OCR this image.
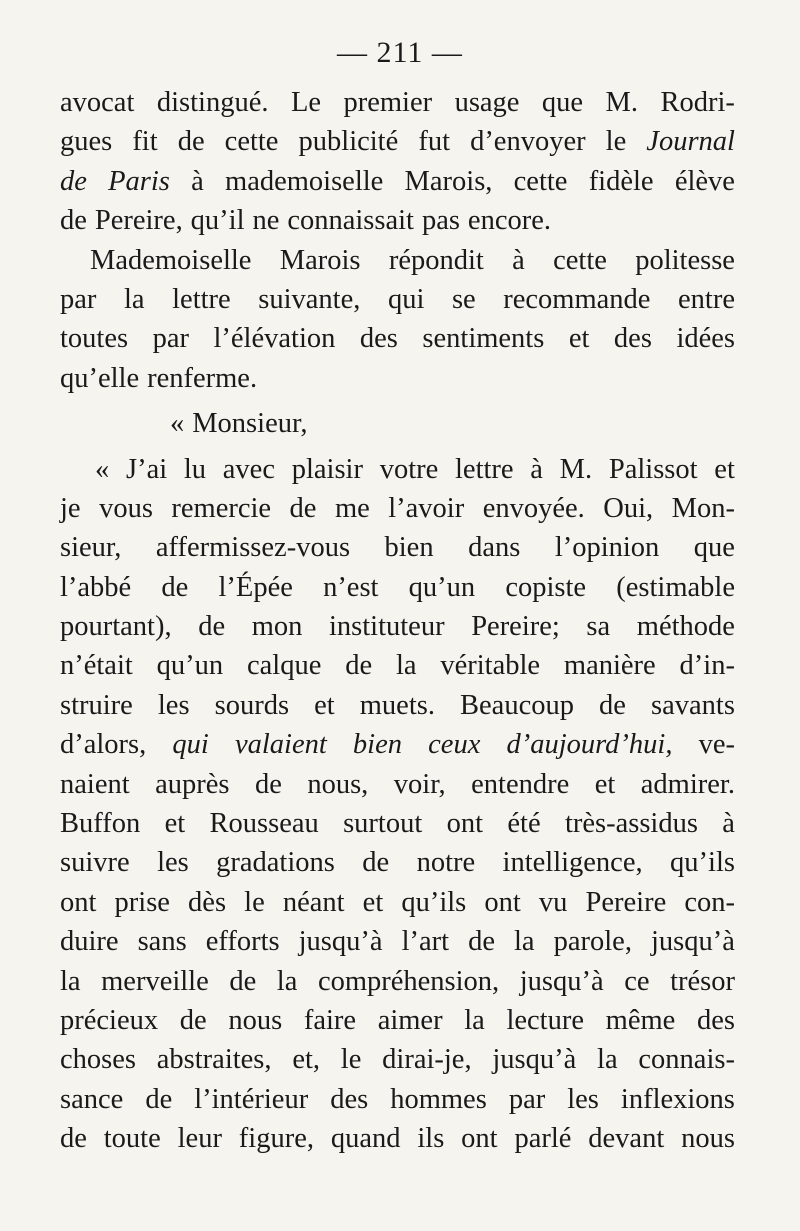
— 211 —
avocat distingué. Le premier usage que M. Rodri-
gues fit de cette publicité fut d’envoyer le Journal
de Paris à mademoiselle Marois, cette fidèle élève
de Pereire, qu’il ne connaissait pas encore.
Mademoiselle Marois répondit à cette politesse
par la lettre suivante, qui se recommande entre
toutes par l’élévation des sentiments et des idées
qu’elle renferme.
« Monsieur,
« J’ai lu avec plaisir votre lettre à M. Palissot et
je vous remercie de me l’avoir envoyée. Oui, Mon-
sieur, affermissez-vous bien dans l’opinion que
l’abbé de l’Épée n’est qu’un copiste (estimable
pourtant), de mon instituteur Pereire; sa méthode
n’était qu’un calque de la véritable manière d’in-
struire les sourds et muets. Beaucoup de savants
d’alors, qui valaient bien ceux d’aujourd’hui, ve-
naient auprès de nous, voir, entendre et admirer.
Buffon et Rousseau surtout ont été très-assidus à
suivre les gradations de notre intelligence, qu’ils
ont prise dès le néant et qu’ils ont vu Pereire con-
duire sans efforts jusqu’à l’art de la parole, jusqu’à
la merveille de la compréhension, jusqu’à ce trésor
précieux de nous faire aimer la lecture même des
choses abstraites, et, le dirai-je, jusqu’à la connais-
sance de l’intérieur des hommes par les inflexions
de toute leur figure, quand ils ont parlé devant nous
